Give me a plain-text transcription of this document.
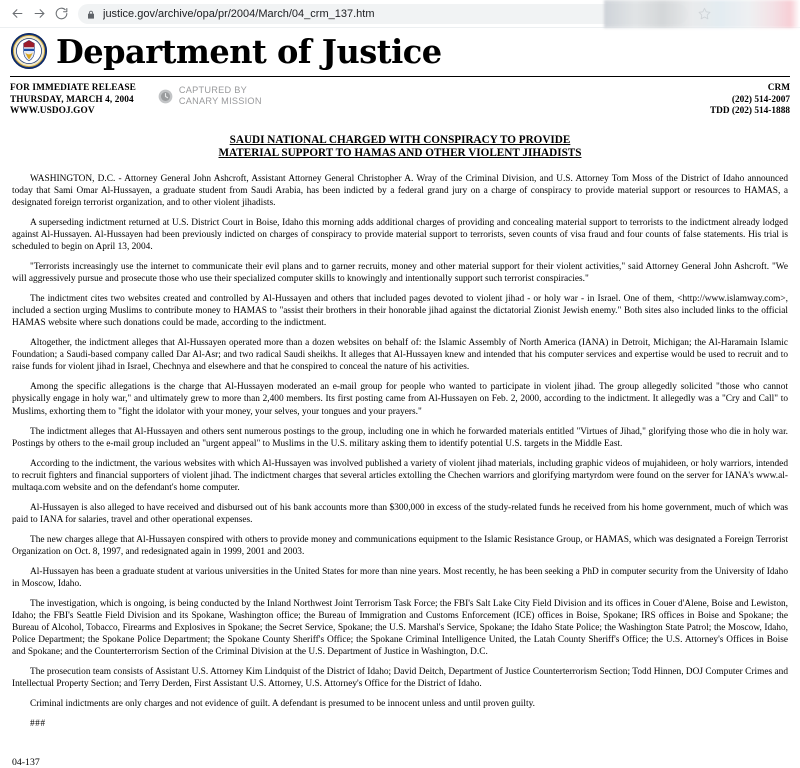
justice.gov/archive/opa/pr/2004/March/04_crm_137.htm
Department of Justice
FOR IMMEDIATE RELEASE
THURSDAY, MARCH 4, 2004
WWW.USDOJ.GOV
CAPTURED BY
CANARY MISSION
CRM
(202) 514-2007
TDD (202) 514-1888
SAUDI NATIONAL CHARGED WITH CONSPIRACY TO PROVIDE
MATERIAL SUPPORT TO HAMAS AND OTHER VIOLENT JIHADISTS

WASHINGTON, D.C. - Attorney General John Ashcroft, Assistant Attorney General Christopher A. Wray of the Criminal Division, and U.S. Attorney Tom Moss of the District of Idaho announced today that Sami Omar Al-Hussayen, a graduate student from Saudi Arabia, has been indicted by a federal grand jury on a charge of conspiracy to provide material support or resources to HAMAS, a designated foreign terrorist organization, and to other violent jihadists.

A superseding indictment returned at U.S. District Court in Boise, Idaho this morning adds additional charges of providing and concealing material support to terrorists to the indictment already lodged against Al-Hussayen. Al-Hussayen had been previously indicted on charges of conspiracy to provide material support to terrorists, seven counts of visa fraud and four counts of false statements. His trial is scheduled to begin on April 13, 2004.

"Terrorists increasingly use the internet to communicate their evil plans and to garner recruits, money and other material support for their violent activities," said Attorney General John Ashcroft. "We will aggressively pursue and prosecute those who use their specialized computer skills to knowingly and intentionally support such terrorist conspiracies."

The indictment cites two websites created and controlled by Al-Hussayen and others that included pages devoted to violent jihad - or holy war - in Israel. One of them, <http://www.islamway.com>, included a section urging Muslims to contribute money to HAMAS to "assist their brothers in their honorable jihad against the dictatorial Zionist Jewish enemy." Both sites also included links to the official HAMAS website where such donations could be made, according to the indictment.

Altogether, the indictment alleges that Al-Hussayen operated more than a dozen websites on behalf of: the Islamic Assembly of North America (IANA) in Detroit, Michigan; the Al-Haramain Islamic Foundation; a Saudi-based company called Dar Al-Asr; and two radical Saudi sheikhs. It alleges that Al-Hussayen knew and intended that his computer services and expertise would be used to recruit and to raise funds for violent jihad in Israel, Chechnya and elsewhere and that he conspired to conceal the nature of his activities.

Among the specific allegations is the charge that Al-Hussayen moderated an e-mail group for people who wanted to participate in violent jihad. The group allegedly solicited "those who cannot physically engage in holy war," and ultimately grew to more than 2,400 members. Its first posting came from Al-Hussayen on Feb. 2, 2000, according to the indictment. It allegedly was a "Cry and Call" to Muslims, exhorting them to "fight the idolator with your money, your selves, your tongues and your prayers."

The indictment alleges that Al-Hussayen and others sent numerous postings to the group, including one in which he forwarded materials entitled "Virtues of Jihad," glorifying those who die in holy war. Postings by others to the e-mail group included an "urgent appeal" to Muslims in the U.S. military asking them to identify potential U.S. targets in the Middle East.

According to the indictment, the various websites with which Al-Hussayen was involved published a variety of violent jihad materials, including graphic videos of mujahideen, or holy warriors, intended to recruit fighters and financial supporters of violent jihad. The indictment charges that several articles extolling the Chechen warriors and glorifying martyrdom were found on the server for IANA's www.al-multaqa.com website and on the defendant's home computer.

Al-Hussayen is also alleged to have received and disbursed out of his bank accounts more than $300,000 in excess of the study-related funds he received from his home government, much of which was paid to IANA for salaries, travel and other operational expenses.

The new charges allege that Al-Hussayen conspired with others to provide money and communications equipment to the Islamic Resistance Group, or HAMAS, which was designated a Foreign Terrorist Organization on Oct. 8, 1997, and redesignated again in 1999, 2001 and 2003.

Al-Hussayen has been a graduate student at various universities in the United States for more than nine years. Most recently, he has been seeking a PhD in computer security from the University of Idaho in Moscow, Idaho.

The investigation, which is ongoing, is being conducted by the Inland Northwest Joint Terrorism Task Force; the FBI's Salt Lake City Field Division and its offices in Couer d'Alene, Boise and Lewiston, Idaho; the FBI's Seattle Field Division and its Spokane, Washington office; the Bureau of Immigration and Customs Enforcement (ICE) offices in Boise, Spokane; IRS offices in Boise and Spokane; the Bureau of Alcohol, Tobacco, Firearms and Explosives in Spokane; the Secret Service, Spokane; the U.S. Marshal's Service, Spokane; the Idaho State Police; the Washington State Patrol; the Moscow, Idaho, Police Department; the Spokane Police Department; the Spokane County Sheriff's Office; the Spokane Criminal Intelligence United, the Latah County Sheriff's Office; the U.S. Attorney's Offices in Boise and Spokane; and the Counterterrorism Section of the Criminal Division at the U.S. Department of Justice in Washington, D.C.

The prosecution team consists of Assistant U.S. Attorney Kim Lindquist of the District of Idaho; David Deitch, Department of Justice Counterterrorism Section; Todd Hinnen, DOJ Computer Crimes and Intellectual Property Section; and Terry Derden, First Assistant U.S. Attorney, U.S. Attorney's Office for the District of Idaho.

Criminal indictments are only charges and not evidence of guilt. A defendant is presumed to be innocent unless and until proven guilty.

###

04-137
